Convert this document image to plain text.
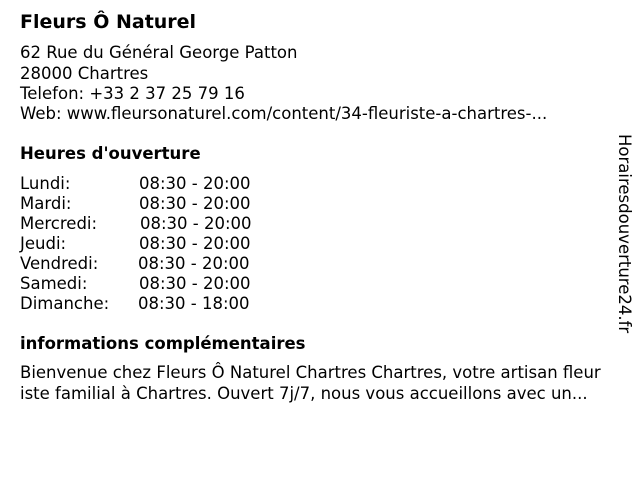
Fleurs Ô Naturel

62 Rue du Général George Patton

28000 Chartres

Telefon: +33 2 37 25 79 16

Web: www.fleursonaturel.com/content/34-fleuriste-a-chartres-...

Heures d'ouverture
Lundi:	08:30 - 20:00
Mardi:	08:30 - 20:00
Mercredi:	08:30 - 20:00
Jeudi:	08:30 - 20:00
Vendredi: 08:30 - 20:00
Samedi:	08:30 - 20:00
Dimanche: 08:30 - 18:00
informations complémentaires

Bienvenue chez Fleurs Ô Naturel Chartres Chartres, votre artisan fleur
iste familial à Chartres. Ouvert 7j/7, nous vous accueillons avec un...

Horairesdouverture24.fr
